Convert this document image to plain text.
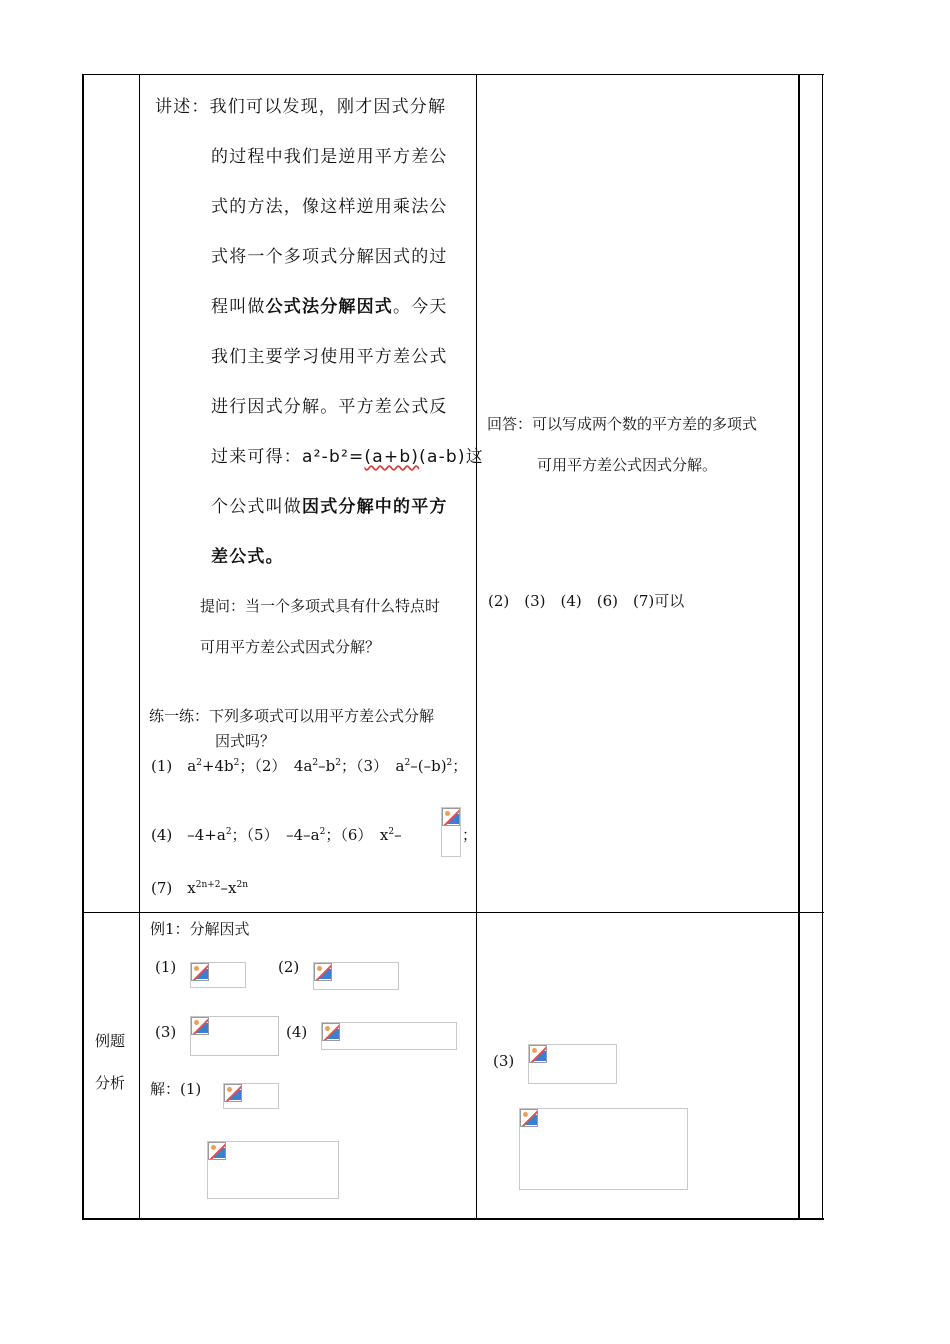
讲述：我们可以发现，刚才因式分解
的过程中我们是逆用平方差公
式的方法，像这样逆用乘法公
式将一个多项式分解因式的过
程叫做公式法分解因式。今天
我们主要学习使用平方差公式
进行因式分解。平方差公式反
过来可得：a²-b²=(a+b)(a-b)这
个公式叫做因式分解中的平方
差公式。
提问：当一个多项式具有什么特点时
可用平方差公式因式分解？
练一练：下列多项式可以用平方差公式分解
因式吗？
(1)　$a^2+4b^2$；（2）　$4a^2-b^2$；（3）　$a^2-(-b)^2$；
(4)　$-4+a^2$；（5）　$-4-a^2$；（6）　$x^2-$	；
(7)　$x^{2n+2}-x^{2n}$
回答：可以写成两个数的平方差的多项式
可用平方差公式因式分解。
(2)　(3)　(4)　(6)　(7)可以
例题
分析
例1：分解因式
(1)	(2)
(3)	(4)
解：(1)
(3)
